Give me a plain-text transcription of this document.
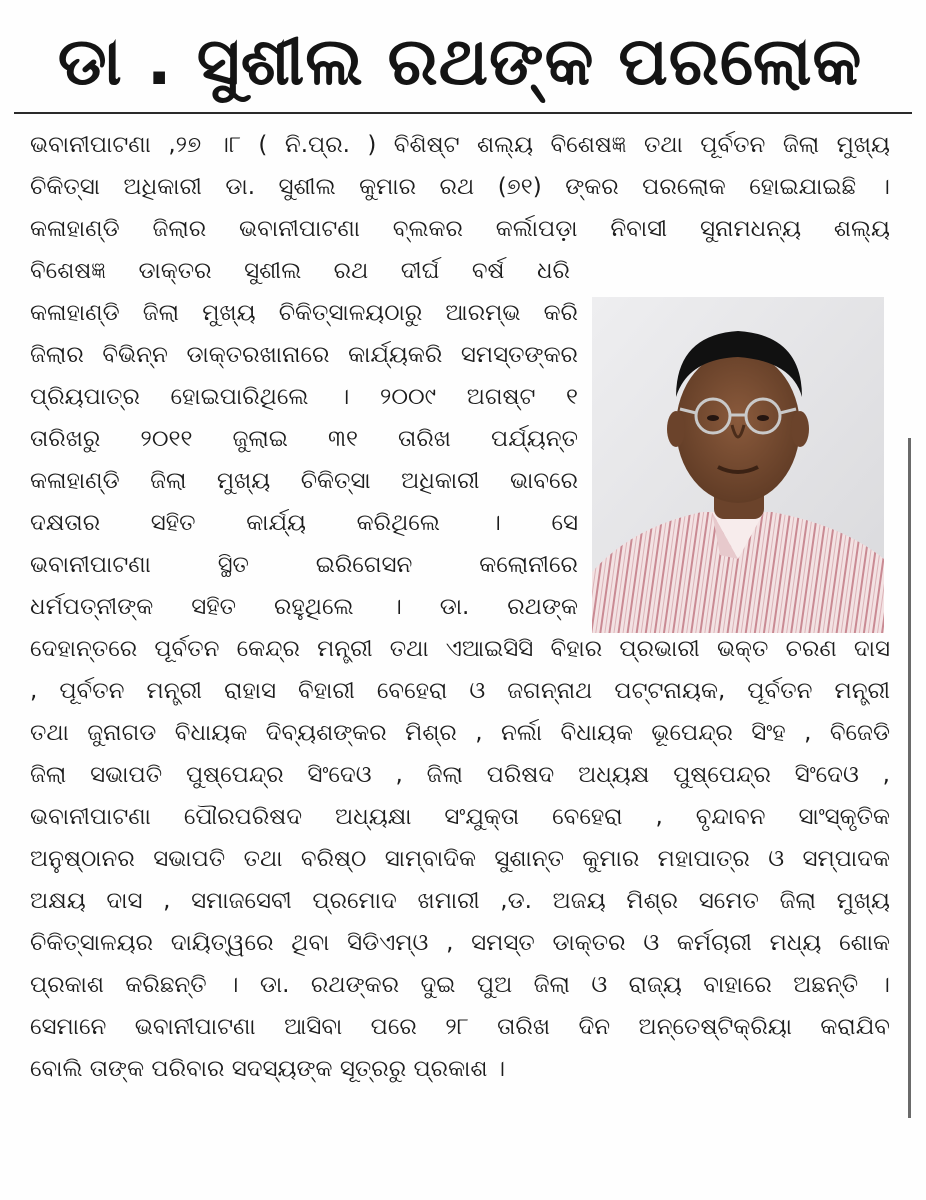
ଡା . ସୁଶୀଲ ରଥଙ୍କ ପରଲୋକ
ଭବାନୀପାଟଣା ,୨୭ ।୮ ( ନି.ପ୍ର. ) ବିଶିଷ୍ଟ ଶଲ୍ୟ ବିଶେଷଜ୍ଞ ତଥା ପୂର୍ବତନ ଜିଲା ମୁଖ୍ୟ
ଚିକିତ୍ସା ଅଧିକାରୀ ଡା. ସୁଶୀଲ କୁମାର ରଥ (୭୧) ଙ୍କର ପରଲୋକ ହୋଇଯାଇଛି ।
କଳାହାଣ୍ଡି ଜିଲାର ଭବାନୀପାଟଣା ବ୍ଲକର କର୍ଲାପଡ଼ା ନିବାସୀ ସୁନାମଧନ୍ୟ ଶଲ୍ୟ
ବିଶେଷଜ୍ଞ ଡାକ୍ତର ସୁଶୀଲ ରଥ ଦୀର୍ଘ ବର୍ଷ ଧରି
କଳାହାଣ୍ଡି ଜିଲା ମୁଖ୍ୟ ଚିକିତ୍ସାଳୟଠାରୁ ଆରମ୍ଭ କରି
ଜିଲାର ବିଭିନ୍ନ ଡାକ୍ତରଖାନାରେ କାର୍ଯ୍ୟକରି ସମସ୍ତଙ୍କର
ପ୍ରିୟପାତ୍ର ହୋଇପାରିଥିଲେ । ୨୦୦୯ ଅଗଷ୍ଟ ୧
ତାରିଖରୁ ୨୦୧୧ ଜୁଲାଇ ୩୧ ତାରିଖ ପର୍ଯ୍ୟନ୍ତ
କଳାହାଣ୍ଡି ଜିଲା ମୁଖ୍ୟ ଚିକିତ୍ସା ଅଧିକାରୀ ଭାବରେ
ଦକ୍ଷତାର ସହିତ କାର୍ଯ୍ୟ କରିଥିଲେ । ସେ
ଭବାନୀପାଟଣା ସ୍ଥିତ ଇରିଗେସନ କଲୋନୀରେ
ଧର୍ମପତ୍ନୀଙ୍କ ସହିତ ରହୁଥିଲେ । ଡା. ରଥଙ୍କ
ଦେହାନ୍ତରେ ପୂର୍ବତନ କେନ୍ଦ୍ର ମନ୍ତ୍ରୀ ତଥା ଏଆଇସିସି ବିହାର ପ୍ରଭାରୀ ଭକ୍ତ ଚରଣ ଦାସ
, ପୂର୍ବତନ ମନ୍ତ୍ରୀ ରାହାସ ବିହାରୀ ବେହେରା ଓ ଜଗନ୍ନାଥ ପଟ୍ଟନାୟକ, ପୂର୍ବତନ ମନ୍ତ୍ରୀ
ତଥା ଜୁନାଗଡ ବିଧାୟକ ଦିବ୍ୟଶଙ୍କର ମିଶ୍ର , ନର୍ଲା ବିଧାୟକ ଭୂପେନ୍ଦ୍ର ସିଂହ , ବିଜେଡି
ଜିଲା ସଭାପତି ପୁଷ୍ପେନ୍ଦ୍ର ସିଂଦେଓ , ଜିଲା ପରିଷଦ ଅଧ୍ୟକ୍ଷ ପୁଷ୍ପେନ୍ଦ୍ର ସିଂଦେଓ ,
ଭବାନୀପାଟଣା ପୌରପରିଷଦ ଅଧ୍ୟକ୍ଷା ସଂଯୁକ୍ତା ବେହେରା , ବୃନ୍ଦାବନ ସାଂସ୍କୃତିକ
ଅନୁଷ୍ଠାନର ସଭାପତି ତଥା ବରିଷ୍ଠ ସାମ୍ବାଦିକ ସୁଶାନ୍ତ କୁମାର ମହାପାତ୍ର ଓ ସମ୍ପାଦକ
ଅକ୍ଷୟ ଦାସ , ସମାଜସେବୀ ପ୍ରମୋଦ ଖମାରୀ ,ଡ. ଅଜୟ ମିଶ୍ର ସମେତ ଜିଲା ମୁଖ୍ୟ
ଚିକିତ୍ସାଳୟର ଦାୟିତ୍ୱରେ ଥିବା ସିଡିଏମ୍ଓ , ସମସ୍ତ ଡାକ୍ତର ଓ କର୍ମଚାରୀ ମଧ୍ୟ ଶୋକ
ପ୍ରକାଶ କରିଛନ୍ତି । ଡା. ରଥଙ୍କର ଦୁଇ ପୁଅ ଜିଲା ଓ ରାଜ୍ୟ ବାହାରେ ଅଛନ୍ତି ।
ସେମାନେ ଭବାନୀପାଟଣା ଆସିବା ପରେ ୨୮ ତାରିଖ ଦିନ ଅନ୍ତେଷ୍ଟିକ୍ରିୟା କରାଯିବ
ବୋଲି ତାଙ୍କ ପରିବାର ସଦସ୍ୟଙ୍କ ସୂତ୍ରରୁ ପ୍ରକାଶ ।
